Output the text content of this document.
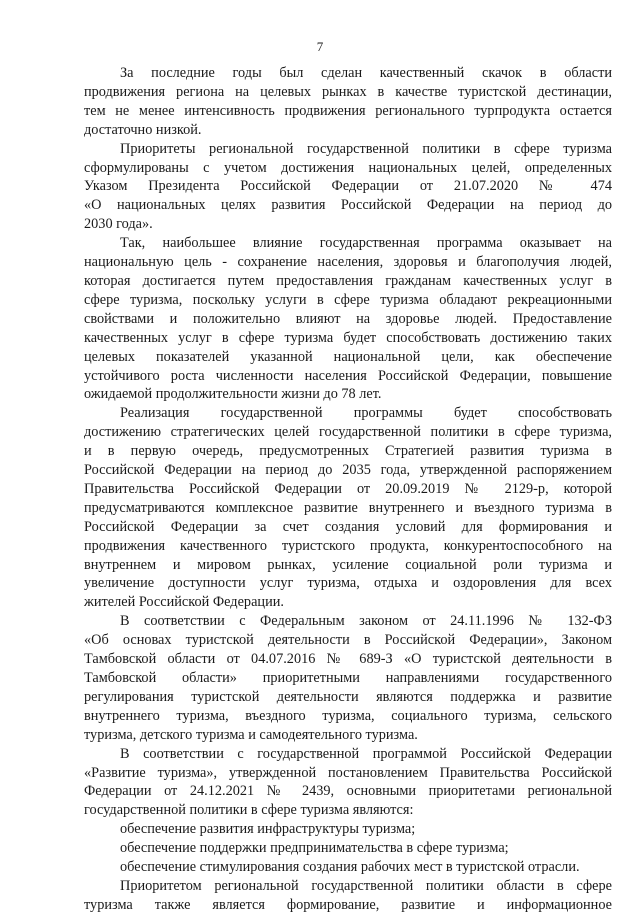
7

За последние годы был сделан качественный скачок в области

продвижения региона на целевых рынках в качестве туристской дестинации,

тем не менее интенсивность продвижения регионального турпродукта остается

достаточно низкой.

Приоритеты региональной государственной политики в сфере туризма

сформулированы с учетом достижения национальных целей, определенных

Указом Президента Российской Федерации от 21.07.2020 № 474

«О национальных целях развития Российской Федерации на период до

2030 года».

Так, наибольшее влияние государственная программа оказывает на

национальную цель - сохранение населения, здоровья и благополучия людей,

которая достигается путем предоставления гражданам качественных услуг в

сфере туризма, поскольку услуги в сфере туризма обладают рекреационными

свойствами и положительно влияют на здоровье людей. Предоставление

качественных услуг в сфере туризма будет способствовать достижению таких

целевых показателей указанной национальной цели, как обеспечение

устойчивого роста численности населения Российской Федерации, повышение

ожидаемой продолжительности жизни до 78 лет.

Реализация государственной программы будет способствовать

достижению стратегических целей государственной политики в сфере туризма,

и в первую очередь, предусмотренных Стратегией развития туризма в

Российской Федерации на период до 2035 года, утвержденной распоряжением

Правительства Российской Федерации от 20.09.2019 № 2129-р, которой

предусматриваются комплексное развитие внутреннего и въездного туризма в

Российской Федерации за счет создания условий для формирования и

продвижения качественного туристского продукта, конкурентоспособного на

внутреннем и мировом рынках, усиление социальной роли туризма и

увеличение доступности услуг туризма, отдыха и оздоровления для всех

жителей Российской Федерации.

В соответствии с Федеральным законом от 24.11.1996 № 132-ФЗ

«Об основах туристской деятельности в Российской Федерации», Законом

Тамбовской области от 04.07.2016 № 689-З «О туристской деятельности в

Тамбовской области» приоритетными направлениями государственного

регулирования туристской деятельности являются поддержка и развитие

внутреннего туризма, въездного туризма, социального туризма, сельского

туризма, детского туризма и самодеятельного туризма.

В соответствии с государственной программой Российской Федерации

«Развитие туризма», утвержденной постановлением Правительства Российской

Федерации от 24.12.2021 № 2439, основными приоритетами региональной

государственной политики в сфере туризма являются:

обеспечение развития инфраструктуры туризма;

обеспечение поддержки предпринимательства в сфере туризма;

обеспечение стимулирования создания рабочих мест в туристской отрасли.

Приоритетом региональной государственной политики области в сфере

туризма также является формирование, развитие и информационное
